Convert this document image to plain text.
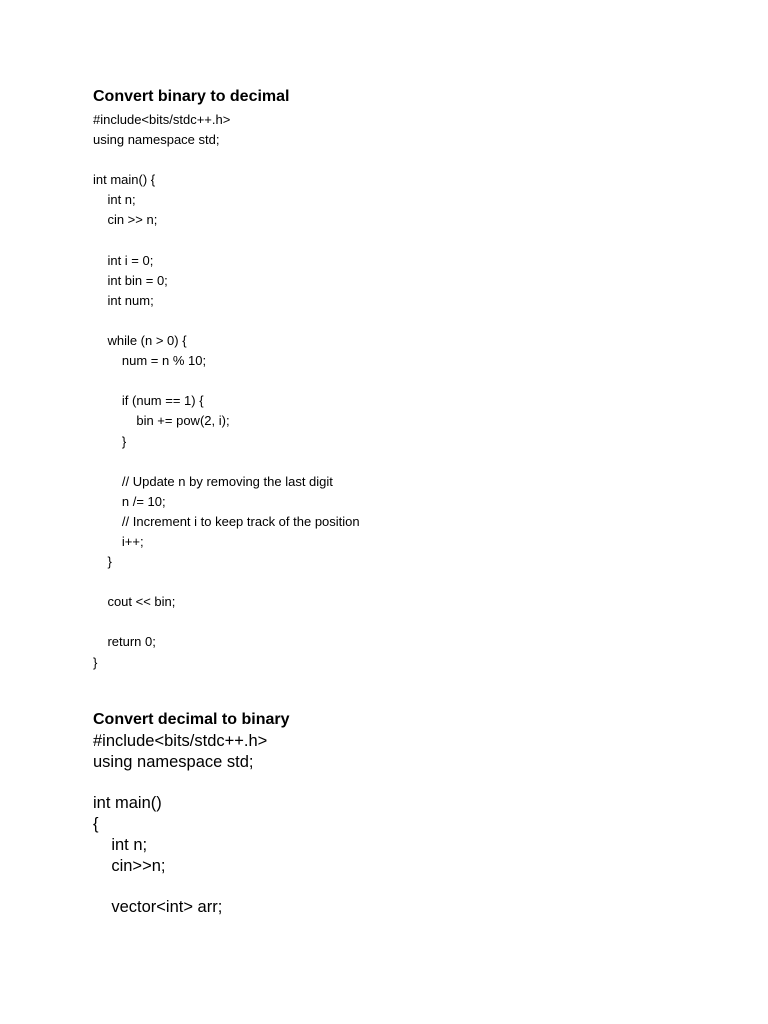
Convert binary to decimal
#include<bits/stdc++.h>
using namespace std;
int main() {
int n;
cin >> n;
int i = 0;
int bin = 0;
int num;
while (n > 0) {
num = n % 10;
if (num == 1) {
bin += pow(2, i);
}
// Update n by removing the last digit
n /= 10;
// Increment i to keep track of the position
i++;
}
cout << bin;
return 0;
}
Convert decimal to binary
#include<bits/stdc++.h>
using namespace std;
int main()
{
int n;
cin>>n;
vector<int> arr;
